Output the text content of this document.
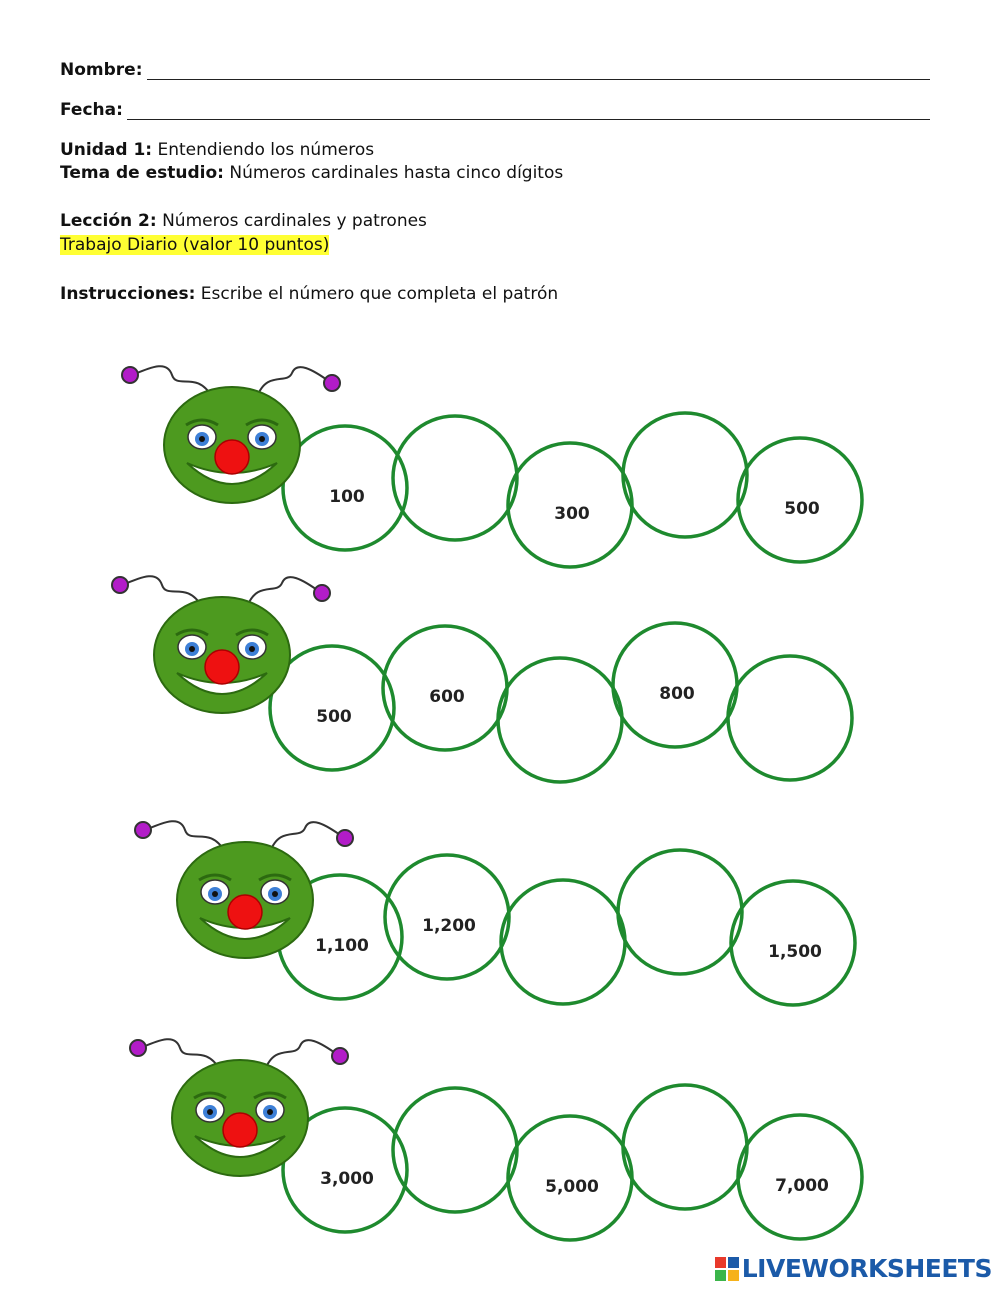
Nombre:
Fecha:
Unidad 1: Entendiendo los números
Tema de estudio: Números cardinales hasta cinco dígitos
Lección 2: Números cardinales y patrones
Trabajo Diario (valor 10 puntos)
Instrucciones: Escribe el número que completa el patrón
100
300	500
500
600	800
1,100
1,200
1,500
3,000	5,000	7,000
LIVEWORKSHEETS
